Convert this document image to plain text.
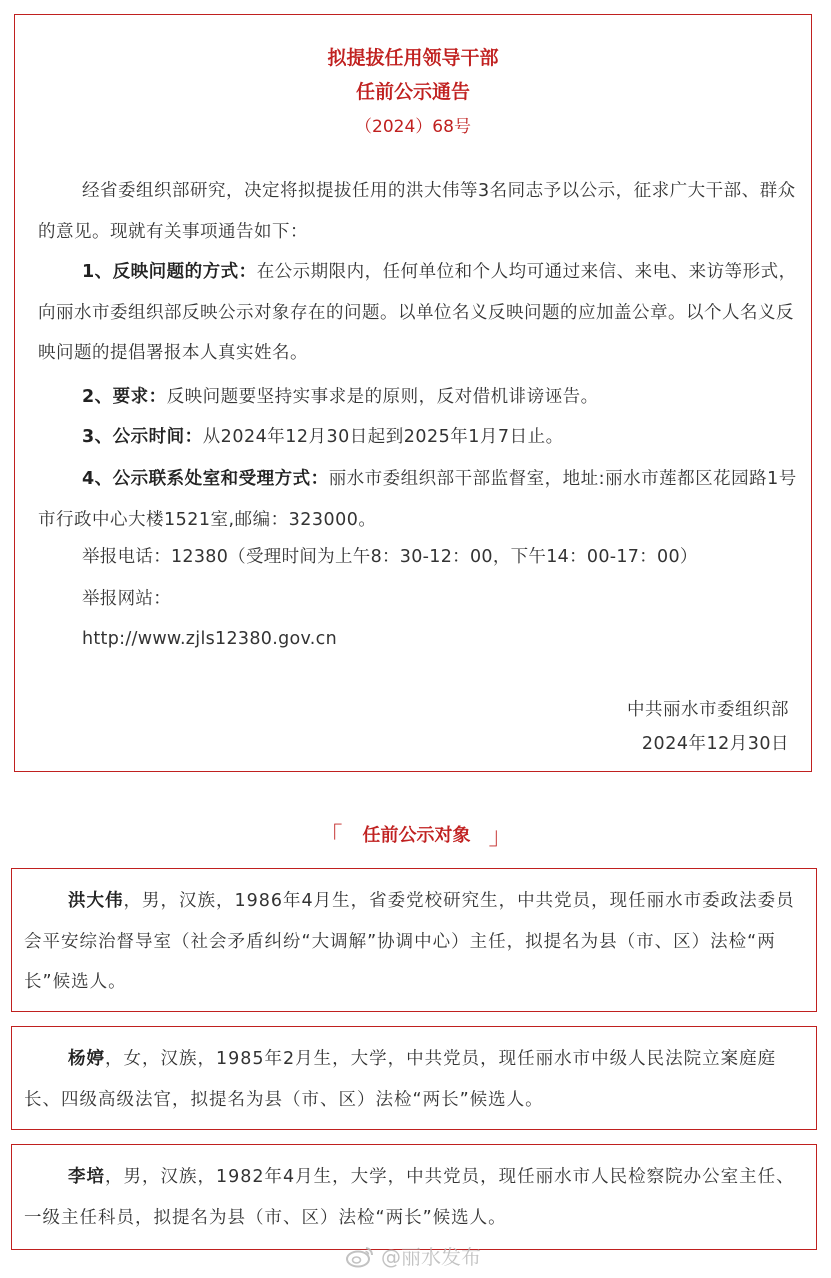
拟提拔任用领导干部
任前公示通告
（2024）68号
经省委组织部研究，决定将拟提拔任用的洪大伟等3名同志予以公示，征求广大干部、群众的意见。现就有关事项通告如下：
1、反映问题的方式：在公示期限内，任何单位和个人均可通过来信、来电、来访等形式，向丽水市委组织部反映公示对象存在的问题。以单位名义反映问题的应加盖公章。以个人名义反映问题的提倡署报本人真实姓名。
2、要求：反映问题要坚持实事求是的原则，反对借机诽谤诬告。
3、公示时间：从2024年12月30日起到2025年1月7日止。
4、公示联系处室和受理方式：丽水市委组织部干部监督室，地址:丽水市莲都区花园路1号市行政中心大楼1521室,邮编：323000。
举报电话：12380（受理时间为上午8：30-12：00，下午14：00-17：00）
举报网站：
http://www.zjls12380.gov.cn
中共丽水市委组织部
2024年12月30日
「 任前公示对象 」
洪大伟，男，汉族，1986年4月生，省委党校研究生，中共党员，现任丽水市委政法委员会平安综治督导室（社会矛盾纠纷“大调解”协调中心）主任，拟提名为县（市、区）法检“两长”候选人。
杨婷，女，汉族，1985年2月生，大学，中共党员，现任丽水市中级人民法院立案庭庭长、四级高级法官，拟提名为县（市、区）法检“两长”候选人。
李培，男，汉族，1982年4月生，大学，中共党员，现任丽水市人民检察院办公室主任、一级主任科员，拟提名为县（市、区）法检“两长”候选人。
@丽水发布
